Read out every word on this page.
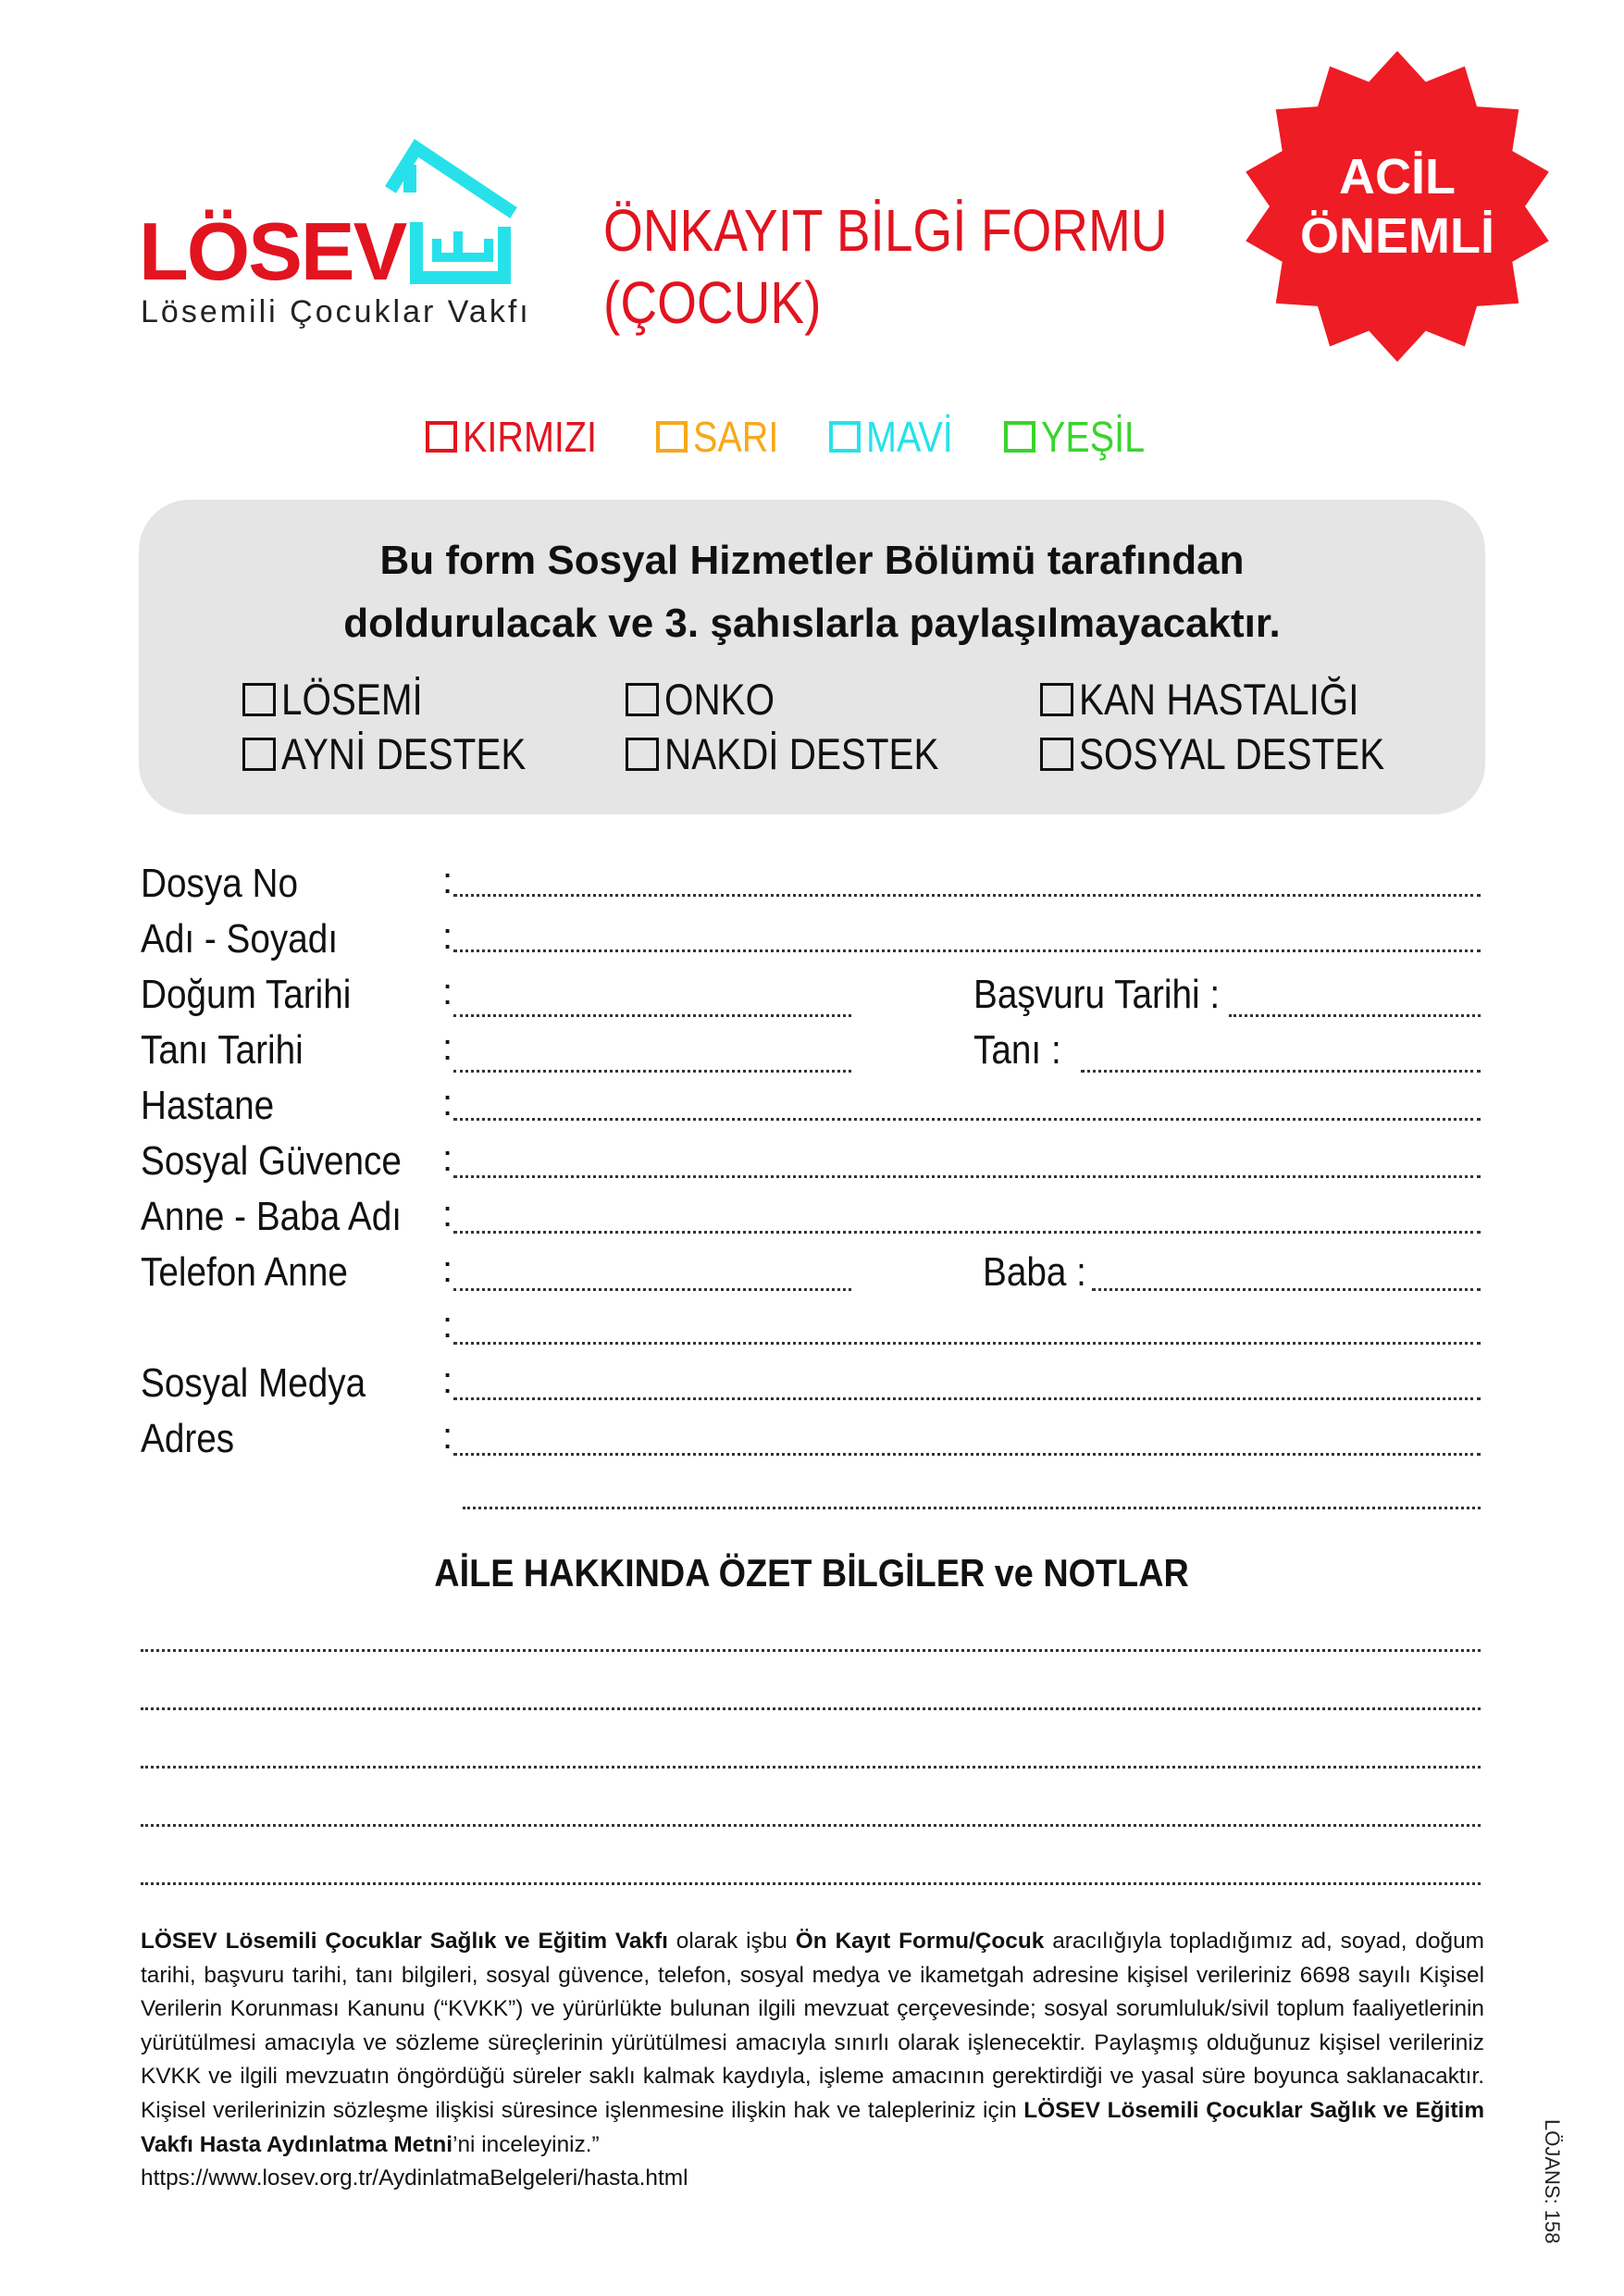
LÖSEV
Lösemili Çocuklar Vakfı
ÖNKAYIT BİLGİ FORMU
(ÇOCUK)
ACİL
ÖNEMLİ
KIRMIZI SARI MAVİ YEŞİL
Bu form Sosyal Hizmetler Bölümü tarafından
doldurulacak ve 3. şahıslarla paylaşılmayacaktır.
LÖSEMİ	ONKO	KAN HASTALIĞI
AYNİ DESTEK	NAKDİ DESTEK	SOSYAL DESTEK
Dosya No	:
Adı - Soyadı	:
Doğum Tarihi :	Başvuru Tarihi :
Tanı Tarihi	:	Tanı :
Hastane	:
Sosyal Güvence :
Anne - Baba Adı :
Telefon Anne	:	Baba :
:
Sosyal Medya :
Adres	:
AİLE HAKKINDA ÖZET BİLGİLER ve NOTLAR
LÖSEV Lösemili Çocuklar Sağlık ve Eğitim Vakfı olarak işbu Ön Kayıt Formu/Çocuk aracılığıyla topladığımız ad, soyad, doğum tarihi, başvuru tarihi, tanı bilgileri, sosyal güvence, telefon, sosyal medya ve ikametgah adresine kişisel verileriniz 6698 sayılı Kişisel Verilerin Korunması Kanunu (“KVKK”) ve yürürlükte bulunan ilgili mevzuat çerçevesinde; sosyal sorumluluk/sivil toplum faaliyetlerinin yürütülmesi amacıyla ve sözleme süreçlerinin yürütülmesi amacıyla sınırlı olarak işlenecektir. Paylaşmış olduğunuz kişisel verileriniz KVKK ve ilgili mevzuatın öngördüğü süreler saklı kalmak kaydıyla, işleme amacının gerektirdiği ve yasal süre boyunca saklanacaktır. Kişisel verilerinizin sözleşme ilişkisi süresince işlenmesine ilişkin hak ve talepleriniz için LÖSEV Lösemili Çocuklar Sağlık ve Eğitim Vakfı Hasta Aydınlatma Metni’ni inceleyiniz.”
https://www.losev.org.tr/AydinlatmaBelgeleri/hasta.html	LÖJANS: 158
